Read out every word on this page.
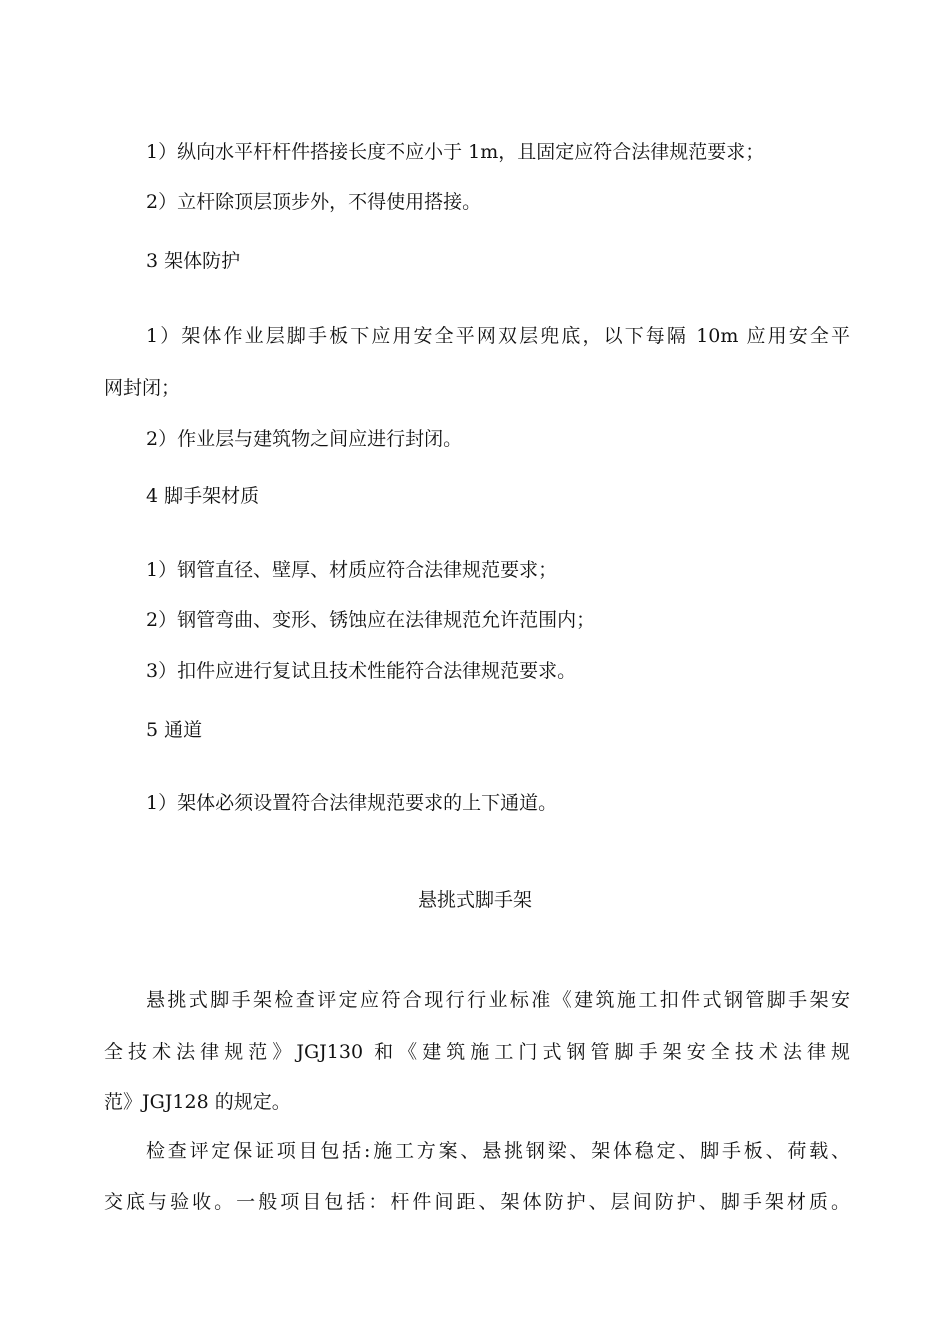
1）纵向水平杆杆件搭接长度不应小于 1m，且固定应符合法律规范要求；
2）立杆除顶层顶步外，不得使用搭接。
3 架体防护
1）架体作业层脚手板下应用安全平网双层兜底，以下每隔 10m 应用安全平
网封闭；
2）作业层与建筑物之间应进行封闭。
4 脚手架材质
1）钢管直径、壁厚、材质应符合法律规范要求；
2）钢管弯曲、变形、锈蚀应在法律规范允许范围内；
3）扣件应进行复试且技术性能符合法律规范要求。
5 通道
1）架体必须设置符合法律规范要求的上下通道。
悬挑式脚手架
悬挑式脚手架检查评定应符合现行行业标准《建筑施工扣件式钢管脚手架安
全技术法律规范》JGJ130 和《建筑施工门式钢管脚手架安全技术法律规
范》JGJ128 的规定。
检查评定保证项目包括:施工方案、悬挑钢梁、架体稳定、脚手板、荷载、
交底与验收。一般项目包括：杆件间距、架体防护、层间防护、脚手架材质。
